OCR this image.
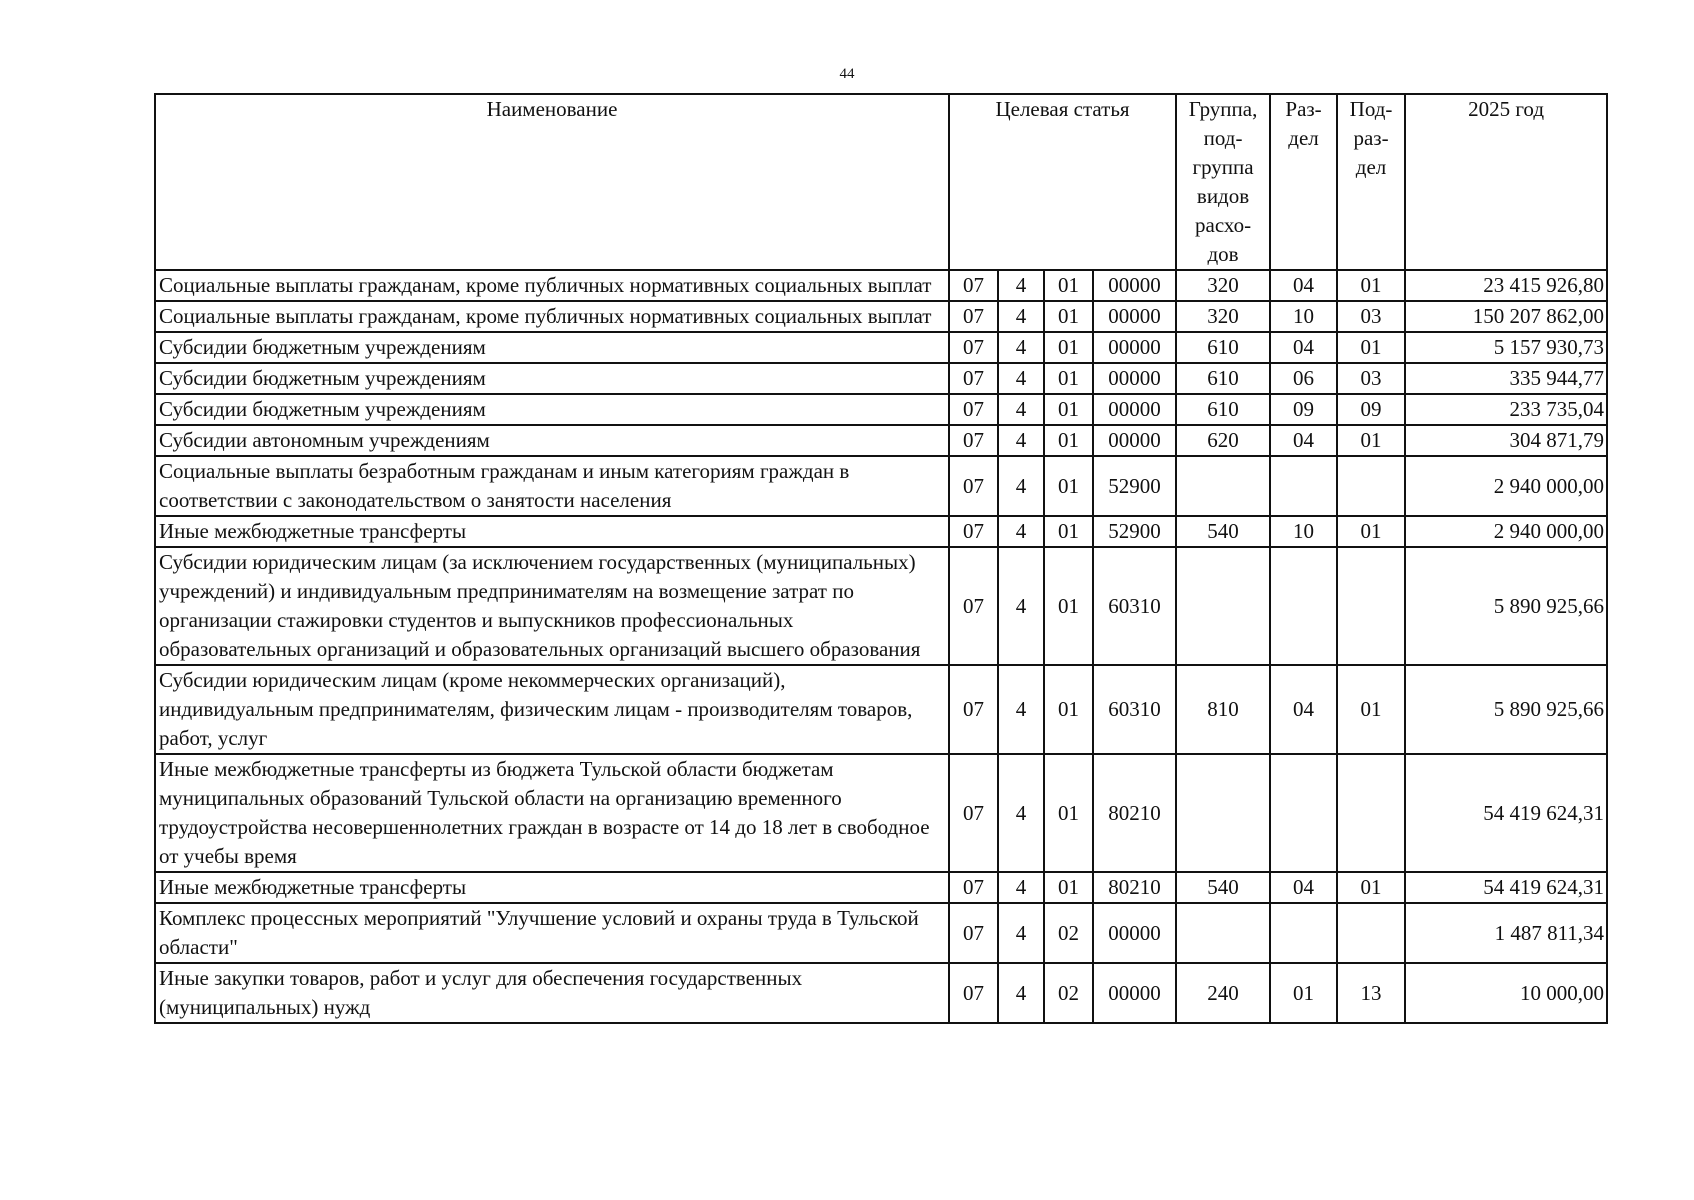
44
Наименование	Целевая статья				Группа, под-группа видов расхо-дов	Раз-дел	Под-раз-дел	2025 год
Социальные выплаты гражданам, кроме публичных нормативных социальных выплат	07	4	01	00000	320	04	01	23 415 926,80
Социальные выплаты гражданам, кроме публичных нормативных социальных выплат	07	4	01	00000	320	10	03	150 207 862,00
Субсидии бюджетным учреждениям	07	4	01	00000	610	04	01	5 157 930,73
Субсидии бюджетным учреждениям	07	4	01	00000	610	06	03	335 944,77
Субсидии бюджетным учреждениям	07	4	01	00000	610	09	09	233 735,04
Субсидии автономным учреждениям	07	4	01	00000	620	04	01	304 871,79
Социальные выплаты безработным гражданам и иным категориям граждан в соответствии с законодательством о занятости населения	07	4	01	52900				2 940 000,00
Иные межбюджетные трансферты	07	4	01	52900	540	10	01	2 940 000,00
Субсидии юридическим лицам (за исключением государственных (муниципальных) учреждений) и индивидуальным предпринимателям на возмещение затрат по организации стажировки студентов и выпускников профессиональных образовательных организаций и образовательных организаций высшего образования	07	4	01	60310				5 890 925,66
Субсидии юридическим лицам (кроме некоммерческих организаций), индивидуальным предпринимателям, физическим лицам - производителям товаров, работ, услуг	07	4	01	60310	810	04	01	5 890 925,66
Иные межбюджетные трансферты из бюджета Тульской области бюджетам муниципальных образований Тульской области на организацию временного трудоустройства несовершеннолетних граждан в возрасте от 14 до 18 лет в свободное от учебы время	07	4	01	80210				54 419 624,31
Иные межбюджетные трансферты	07	4	01	80210	540	04	01	54 419 624,31
Комплекс процессных мероприятий "Улучшение условий и охраны труда в Тульской области"	07	4	02	00000				1 487 811,34
Иные закупки товаров, работ и услуг для обеспечения государственных (муниципальных) нужд	07	4	02	00000	240	01	13	10 000,00
